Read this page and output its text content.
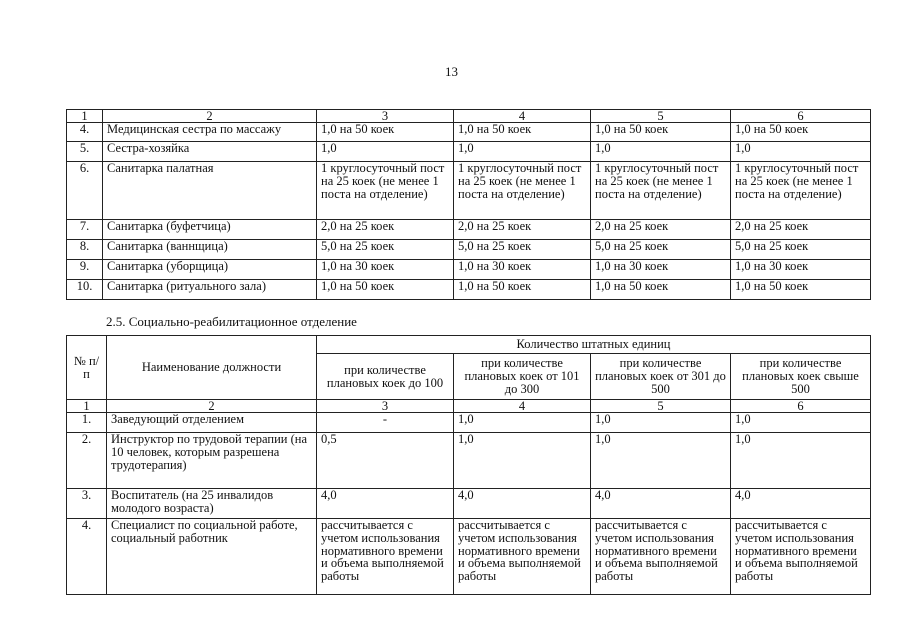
13
1	2	3	4	5	6
4.	Медицинская сестра по массажу	1,0 на 50 коек	1,0 на 50 коек	1,0 на 50 коек	1,0 на 50 коек
5.	Сестра-хозяйка	1,0	1,0	1,0	1,0
6.	Санитарка палатная	1 круглосуточный пост на 25 коек (не менее 1 поста на отделение)	1 круглосуточный пост на 25 коек (не менее 1 поста на отделение)	1 круглосуточный пост на 25 коек (не менее 1 поста на отделение)	1 круглосуточный пост на 25 коек (не менее 1 поста на отделение)
7.	Санитарка (буфетчица)	2,0 на 25 коек	2,0 на 25 коек	2,0 на 25 коек	2,0 на 25 коек
8.	Санитарка (ваннщица)	5,0 на 25 коек	5,0 на 25 коек	5,0 на 25 коек	5,0 на 25 коек
9.	Санитарка (уборщица)	1,0 на 30 коек	1,0 на 30 коек	1,0 на 30 коек	1,0 на 30 коек
10.	Санитарка (ритуального зала)	1,0 на 50 коек	1,0 на 50 коек	1,0 на 50 коек	1,0 на 50 коек
2.5. Социально-реабилитационное отделение
№ п/п	Наименование должности	Количество штатных единиц			
		при количестве плановых коек до 100	при количестве плановых коек от 101 до 300	при количестве плановых коек от 301 до 500	при количестве плановых коек свыше 500
1	2	3	4	5	6
1.	Заведующий отделением	-	1,0	1,0	1,0
2.	Инструктор по трудовой терапии (на 10 человек, которым разрешена трудотерапия)	0,5	1,0	1,0	1,0
3.	Воспитатель (на 25 инвалидов молодого возраста)	4,0	4,0	4,0	4,0
4.	Специалист по социальной работе, социальный работник	рассчитывается с учетом использования нормативного времени и объема выполняемой работы	рассчитывается с учетом использования нормативного времени и объема выполняемой работы	рассчитывается с учетом использования нормативного времени и объема выполняемой работы	рассчитывается с учетом использования нормативного времени и объема выполняемой работы
